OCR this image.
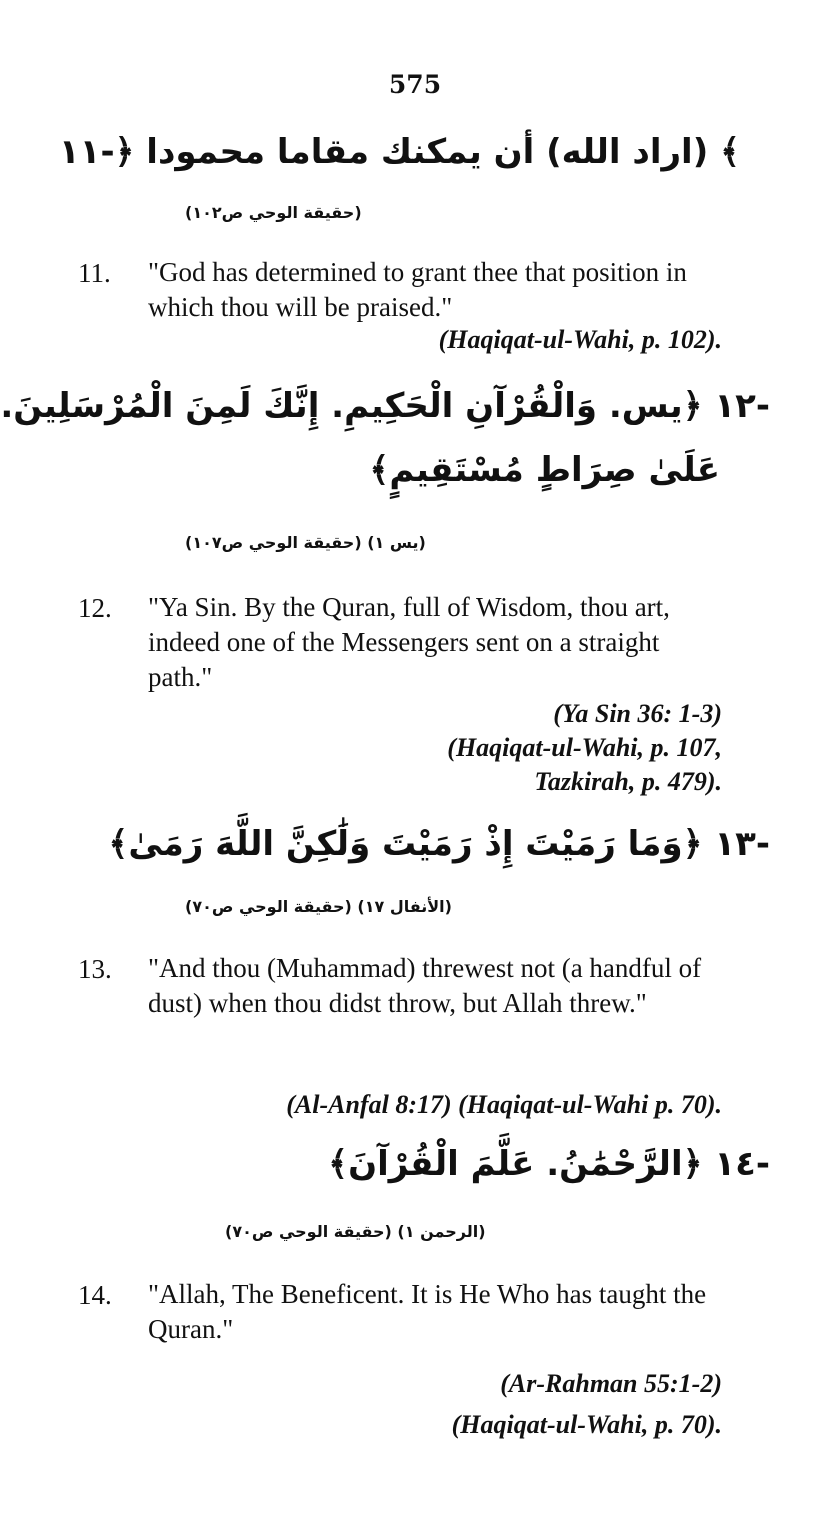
575
﴾ (اراد الله) أن يمكنك مقاما محمودا ﴿-١١
(حقيقة الوحي ص١٠٢)
11. "God has determined to grant thee that position in which thou will be praised."
(Haqiqat-ul-Wahi, p. 102).
-١٢ ﴿يس. وَالْقُرْآنِ الْحَكِيمِ. إِنَّكَ لَمِنَ الْمُرْسَلِينَ.
عَلَىٰ صِرَاطٍ مُسْتَقِيمٍ﴾
(يس ١) (حقيقة الوحي ص١٠٧)
12. "Ya Sin. By the Quran, full of Wisdom, thou art, indeed one of the Messengers sent on a straight path."
(Ya Sin 36: 1-3)
(Haqiqat-ul-Wahi, p. 107,
Tazkirah, p. 479).
-١٣ ﴿وَمَا رَمَيْتَ إِذْ رَمَيْتَ وَلَٰكِنَّ اللَّهَ رَمَىٰ﴾
(الأنفال ١٧) (حقيقة الوحي ص٧٠)
13. "And thou (Muhammad) threwest not (a handful of dust) when thou didst throw, but Allah threw."
(Al-Anfal 8:17) (Haqiqat-ul-Wahi p. 70).
-١٤ ﴿الرَّحْمَٰنُ. عَلَّمَ الْقُرْآنَ﴾
(الرحمن ١) (حقيقة الوحي ص٧٠)
14. "Allah, The Beneficent. It is He Who has taught the Quran."
(Ar-Rahman 55:1-2)
(Haqiqat-ul-Wahi, p. 70).
